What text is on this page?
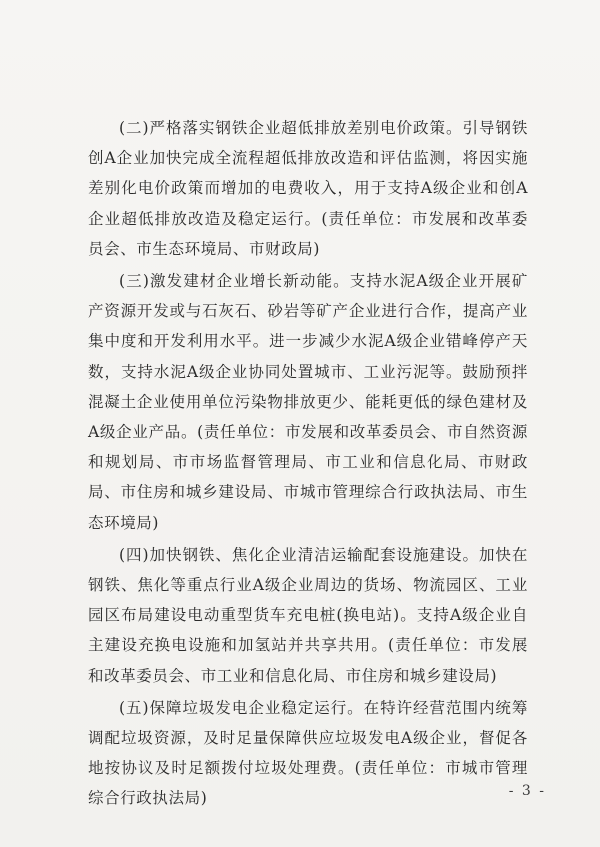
(二)严格落实钢铁企业超低排放差别电价政策。引导钢铁创A企业加快完成全流程超低排放改造和评估监测，将因实施差别化电价政策而增加的电费收入，用于支持A级企业和创A企业超低排放改造及稳定运行。(责任单位：市发展和改革委员会、市生态环境局、市财政局)

(三)激发建材企业增长新动能。支持水泥A级企业开展矿产资源开发或与石灰石、砂岩等矿产企业进行合作，提高产业集中度和开发利用水平。进一步减少水泥A级企业错峰停产天数，支持水泥A级企业协同处置城市、工业污泥等。鼓励预拌混凝土企业使用单位污染物排放更少、能耗更低的绿色建材及A级企业产品。(责任单位：市发展和改革委员会、市自然资源和规划局、市市场监督管理局、市工业和信息化局、市财政局、市住房和城乡建设局、市城市管理综合行政执法局、市生态环境局)

(四)加快钢铁、焦化企业清洁运输配套设施建设。加快在钢铁、焦化等重点行业A级企业周边的货场、物流园区、工业园区布局建设电动重型货车充电桩(换电站)。支持A级企业自主建设充换电设施和加氢站并共享共用。(责任单位：市发展和改革委员会、市工业和信息化局、市住房和城乡建设局)

(五)保障垃圾发电企业稳定运行。在特许经营范围内统筹调配垃圾资源，及时足量保障供应垃圾发电A级企业，督促各地按协议及时足额拨付垃圾处理费。(责任单位：市城市管理综合行政执法局)	- 3 -
